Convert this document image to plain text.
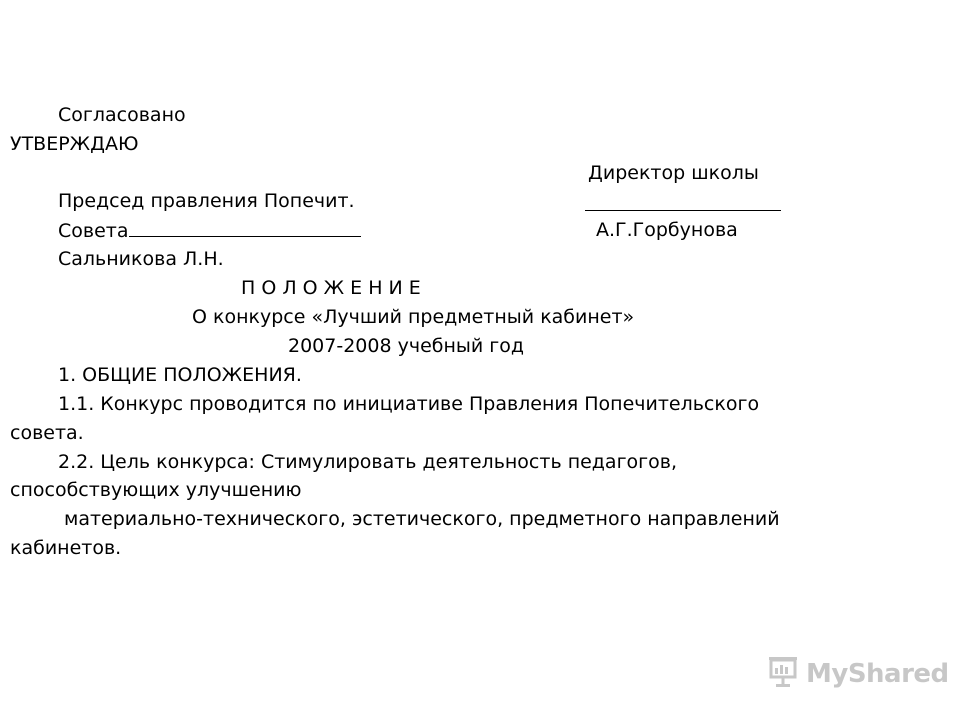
Согласовано
УТВЕРЖДАЮ
Директор школы
Председ правления Попечит.
Совета	А.Г.Горбунова
Сальникова Л.Н.
П О Л О Ж Е Н И Е
О конкурсе «Лучший предметный кабинет»
2007-2008 учебный год
1. ОБЩИЕ ПОЛОЖЕНИЯ.
1.1. Конкурс проводится по инициативе Правления Попечительского
совета.
2.2. Цель конкурса: Стимулировать деятельность педагогов,
способствующих улучшению
материально-технического, эстетического, предметного направлений
кабинетов.
MyShared
